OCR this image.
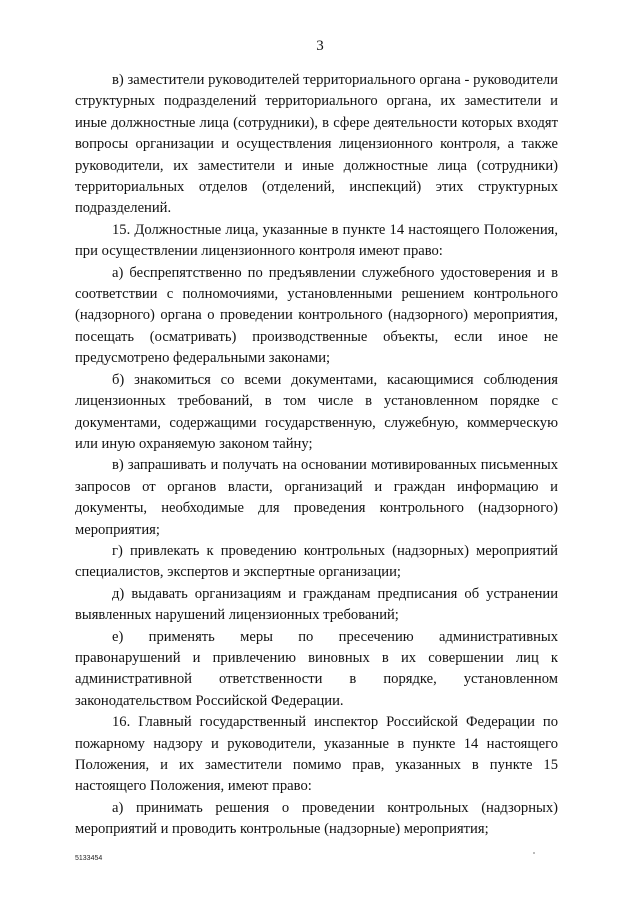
3

в) заместители руководителей территориального органа - руководители структурных подразделений территориального органа, их заместители и иные должностные лица (сотрудники), в сфере деятельности которых входят вопросы организации и осуществления лицензионного контроля, а также руководители, их заместители и иные должностные лица (сотрудники) территориальных отделов (отделений, инспекций) этих структурных подразделений.

15. Должностные лица, указанные в пункте 14 настоящего Положения, при осуществлении лицензионного контроля имеют право:

а) беспрепятственно по предъявлении служебного удостоверения и в соответствии с полномочиями, установленными решением контрольного (надзорного) органа о проведении контрольного (надзорного) мероприятия, посещать (осматривать) производственные объекты, если иное не предусмотрено федеральными законами;

б) знакомиться со всеми документами, касающимися соблюдения лицензионных требований, в том числе в установленном порядке с документами, содержащими государственную, служебную, коммерческую или иную охраняемую законом тайну;

в) запрашивать и получать на основании мотивированных письменных запросов от органов власти, организаций и граждан информацию и документы, необходимые для проведения контрольного (надзорного) мероприятия;

г) привлекать к проведению контрольных (надзорных) мероприятий специалистов, экспертов и экспертные организации;

д) выдавать организациям и гражданам предписания об устранении выявленных нарушений лицензионных требований;

е) применять меры по пресечению административных правонарушений и привлечению виновных в их совершении лиц к административной ответственности в порядке, установленном законодательством Российской Федерации.

16. Главный государственный инспектор Российской Федерации по пожарному надзору и руководители, указанные в пункте 14 настоящего Положения, и их заместители помимо прав, указанных в пункте 15 настоящего Положения, имеют право:

а) принимать решения о проведении контрольных (надзорных) мероприятий и проводить контрольные (надзорные) мероприятия;

5133454
